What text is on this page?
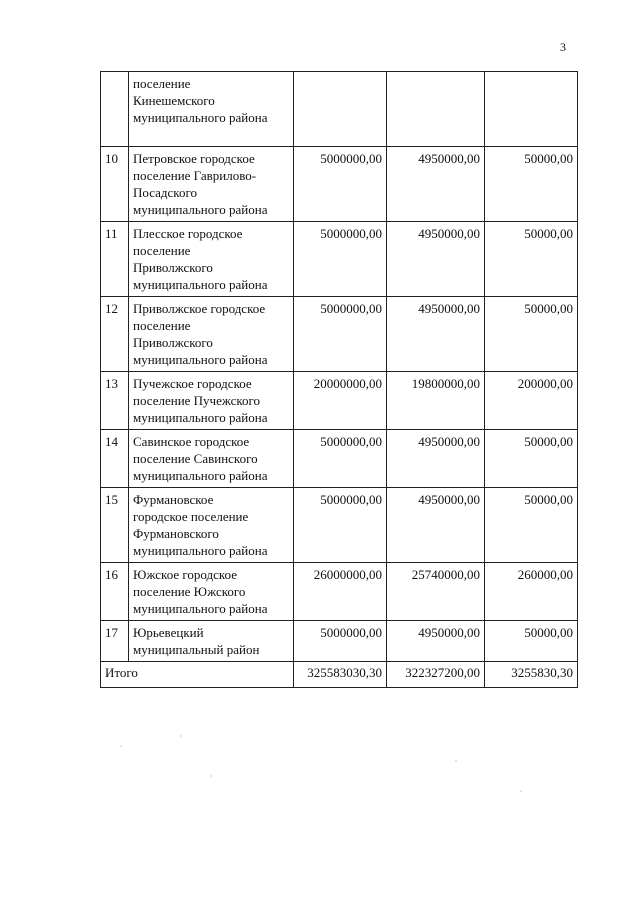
3

	поселение
Кинешемского
муниципального района			

10	Петровское городское
поселение Гаврилово-
Посадского
муниципального района	5000000,00	4950000,00	50000,00
11	Плесское городское
поселение
Приволжского
муниципального района	5000000,00	4950000,00	50000,00
12	Приволжское городское
поселение
Приволжского
муниципального района	5000000,00	4950000,00	50000,00
13	Пучежское городское
поселение Пучежского
муниципального района	20000000,00	19800000,00	200000,00
14	Савинское городское
поселение Савинского
муниципального района	5000000,00	4950000,00	50000,00
15	Фурмановское
городское поселение
Фурмановского
муниципального района	5000000,00	4950000,00	50000,00
16	Южское городское
поселение Южского
муниципального района	26000000,00	25740000,00	260000,00
17	Юрьевецкий
муниципальный район	5000000,00	4950000,00	50000,00
Итого		325583030,30	322327200,00	3255830,30
